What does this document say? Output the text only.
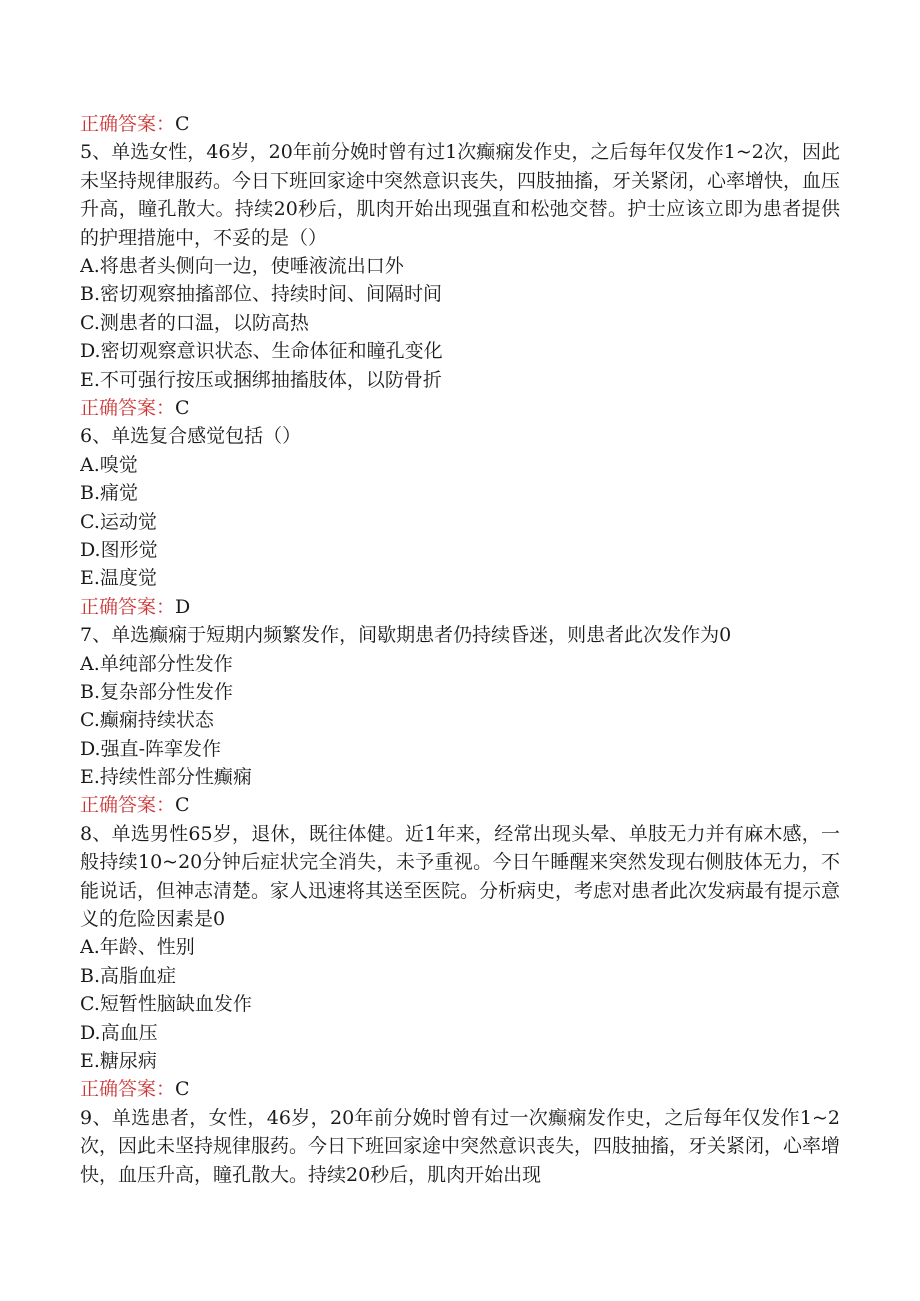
正确答案：C
5、单选女性，46岁，20年前分娩时曾有过1次癫痫发作史，之后每年仅发作1~2次，因此未坚持规律服药。今日下班回家途中突然意识丧失，四肢抽搐，牙关紧闭，心率增快，血压升高，瞳孔散大。持续20秒后，肌肉开始出现强直和松弛交替。护士应该立即为患者提供的护理措施中，不妥的是（）
A.将患者头侧向一边，使唾液流出口外
B.密切观察抽搐部位、持续时间、间隔时间
C.测患者的口温，以防高热
D.密切观察意识状态、生命体征和瞳孔变化
E.不可强行按压或捆绑抽搐肢体，以防骨折
正确答案：C
6、单选复合感觉包括（）
A.嗅觉
B.痛觉
C.运动觉
D.图形觉
E.温度觉
正确答案：D
7、单选癫痫于短期内频繁发作，间歇期患者仍持续昏迷，则患者此次发作为0
A.单纯部分性发作
B.复杂部分性发作
C.癫痫持续状态
D.强直-阵挛发作
E.持续性部分性癫痫
正确答案：C
8、单选男性65岁，退休，既往体健。近1年来，经常出现头晕、单肢无力并有麻木感，一般持续10~20分钟后症状完全消失，未予重视。今日午睡醒来突然发现右侧肢体无力，不能说话，但神志清楚。家人迅速将其送至医院。分析病史，考虑对患者此次发病最有提示意义的危险因素是0
A.年龄、性别
B.高脂血症
C.短暂性脑缺血发作
D.高血压
E.糖尿病
正确答案：C
9、单选患者，女性，46岁，20年前分娩时曾有过一次癫痫发作史，之后每年仅发作1~2次，因此未坚持规律服药。今日下班回家途中突然意识丧失，四肢抽搐，牙关紧闭，心率增快，血压升高，瞳孔散大。持续20秒后，肌肉开始出现
